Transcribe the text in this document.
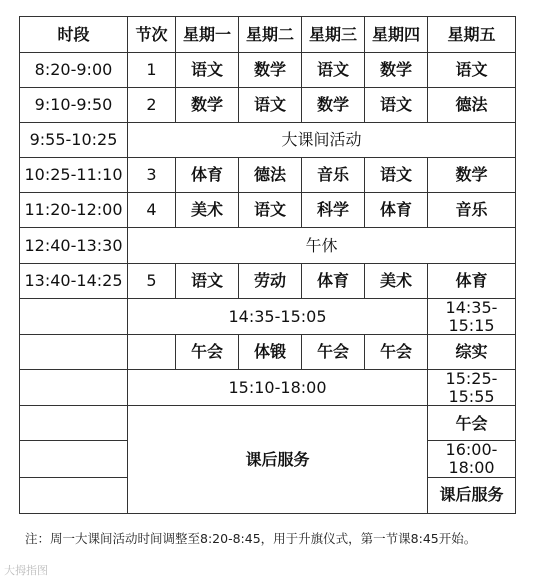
时段	节次	星期一	星期二	星期三	星期四	星期五
8:20-9:00	1	语文	数学	语文	数学	语文
9:10-9:50	2	数学	语文	数学	语文	德法
9:55-10:25	大课间活动					
10:25-11:10	3	体育	德法	音乐	语文	数学
11:20-12:00	4	美术	语文	科学	体育	音乐
12:40-13:30	午休					
13:40-14:25	5	语文	劳动	体育	美术	体育
	14:35-15:05					14:35-15:15
		午会	体锻	午会	午会	综实
	15:10-18:00					15:25-15:55
	课后服务					午会
						16:00-18:00
						课后服务
注：周一大课间活动时间调整至8:20-8:45，用于升旗仪式，第一节课8:45开始。
大拇指图
